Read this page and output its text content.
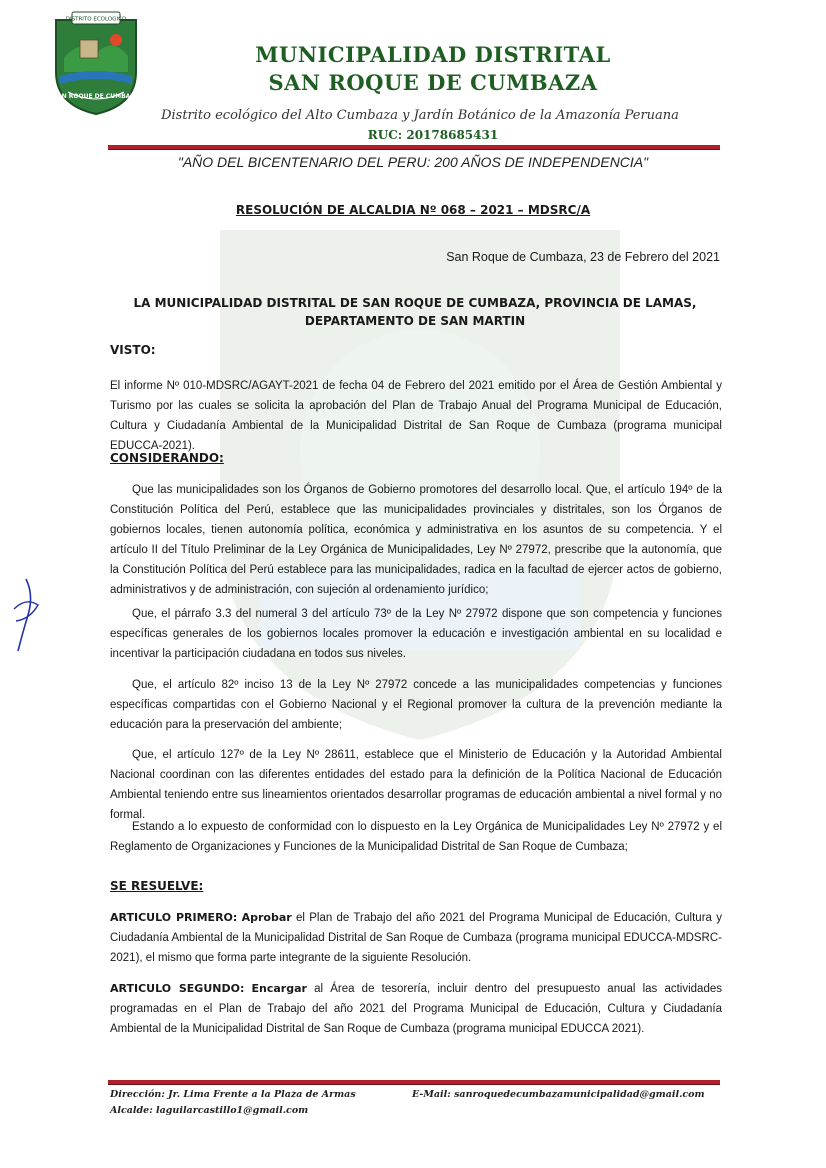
DISTRITO ECOLOGICO
SAN ROQUE DE CUMBAZA
MUNICIPALIDAD DISTRITAL
SAN ROQUE DE CUMBAZA
Distrito ecológico del Alto Cumbaza y Jardín Botánico de la Amazonía Peruana
RUC: 20178685431
"AÑO DEL BICENTENARIO DEL PERU: 200 AÑOS DE INDEPENDENCIA"
RESOLUCIÓN DE ALCALDIA Nº 068 – 2021 – MDSRC/A
San Roque de Cumbaza, 23 de Febrero del 2021
LA MUNICIPALIDAD DISTRITAL DE SAN ROQUE DE CUMBAZA, PROVINCIA DE LAMAS, DEPARTAMENTO DE SAN MARTIN
VISTO:
El informe Nº 010-MDSRC/AGAYT-2021 de fecha 04 de Febrero del 2021 emitido por el Área de Gestión Ambiental y Turismo por las cuales se solicita la aprobación del Plan de Trabajo Anual del Programa Municipal de Educación, Cultura y Ciudadanía Ambiental de la Municipalidad Distrital de San Roque de Cumbaza (programa municipal EDUCCA-2021).
CONSIDERANDO:
Que las municipalidades son los Órganos de Gobierno promotores del desarrollo local. Que, el artículo 194º de la Constitución Política del Perú, establece que las municipalidades provinciales y distritales, son los Órganos de gobiernos locales, tienen autonomía política, económica y administrativa en los asuntos de su competencia. Y el artículo II del Título Preliminar de la Ley Orgánica de Municipalidades, Ley Nº 27972, prescribe que la autonomía, que la Constitución Política del Perú establece para las municipalidades, radica en la facultad de ejercer actos de gobierno, administrativos y de administración, con sujeción al ordenamiento jurídico;
Que, el párrafo 3.3 del numeral 3 del artículo 73º de la Ley Nº 27972 dispone que son competencia y funciones específicas generales de los gobiernos locales promover la educación e investigación ambiental en su localidad e incentivar la participación ciudadana en todos sus niveles.
Que, el artículo 82º inciso 13 de la Ley Nº 27972 concede a las municipalidades competencias y funciones específicas compartidas con el Gobierno Nacional y el Regional promover la cultura de la prevención mediante la educación para la preservación del ambiente;
Que, el artículo 127º de la Ley Nº 28611, establece que el Ministerio de Educación y la Autoridad Ambiental Nacional coordinan con las diferentes entidades del estado para la definición de la Política Nacional de Educación Ambiental teniendo entre sus lineamientos orientados desarrollar programas de educación ambiental a nivel formal y no formal.
Estando a lo expuesto de conformidad con lo dispuesto en la Ley Orgánica de Municipalidades Ley Nº 27972 y el Reglamento de Organizaciones y Funciones de la Municipalidad Distrital de San Roque de Cumbaza;
SE RESUELVE:
ARTICULO PRIMERO: Aprobar el Plan de Trabajo del año 2021 del Programa Municipal de Educación, Cultura y Ciudadanía Ambiental de la Municipalidad Distrital de San Roque de Cumbaza (programa municipal EDUCCA-MDSRC-2021), el mismo que forma parte integrante de la siguiente Resolución.
ARTICULO SEGUNDO: Encargar al Área de tesorería, incluir dentro del presupuesto anual las actividades programadas en el Plan de Trabajo del año 2021 del Programa Municipal de Educación, Cultura y Ciudadanía Ambiental de la Municipalidad Distrital de San Roque de Cumbaza (programa municipal EDUCCA 2021).
Dirección: Jr. Lima Frente a la Plaza de Armas	E-Mail: sanroquedecumbazamunicipalidad@gmail.com
Alcalde: laguilarcastillo1@gmail.com
